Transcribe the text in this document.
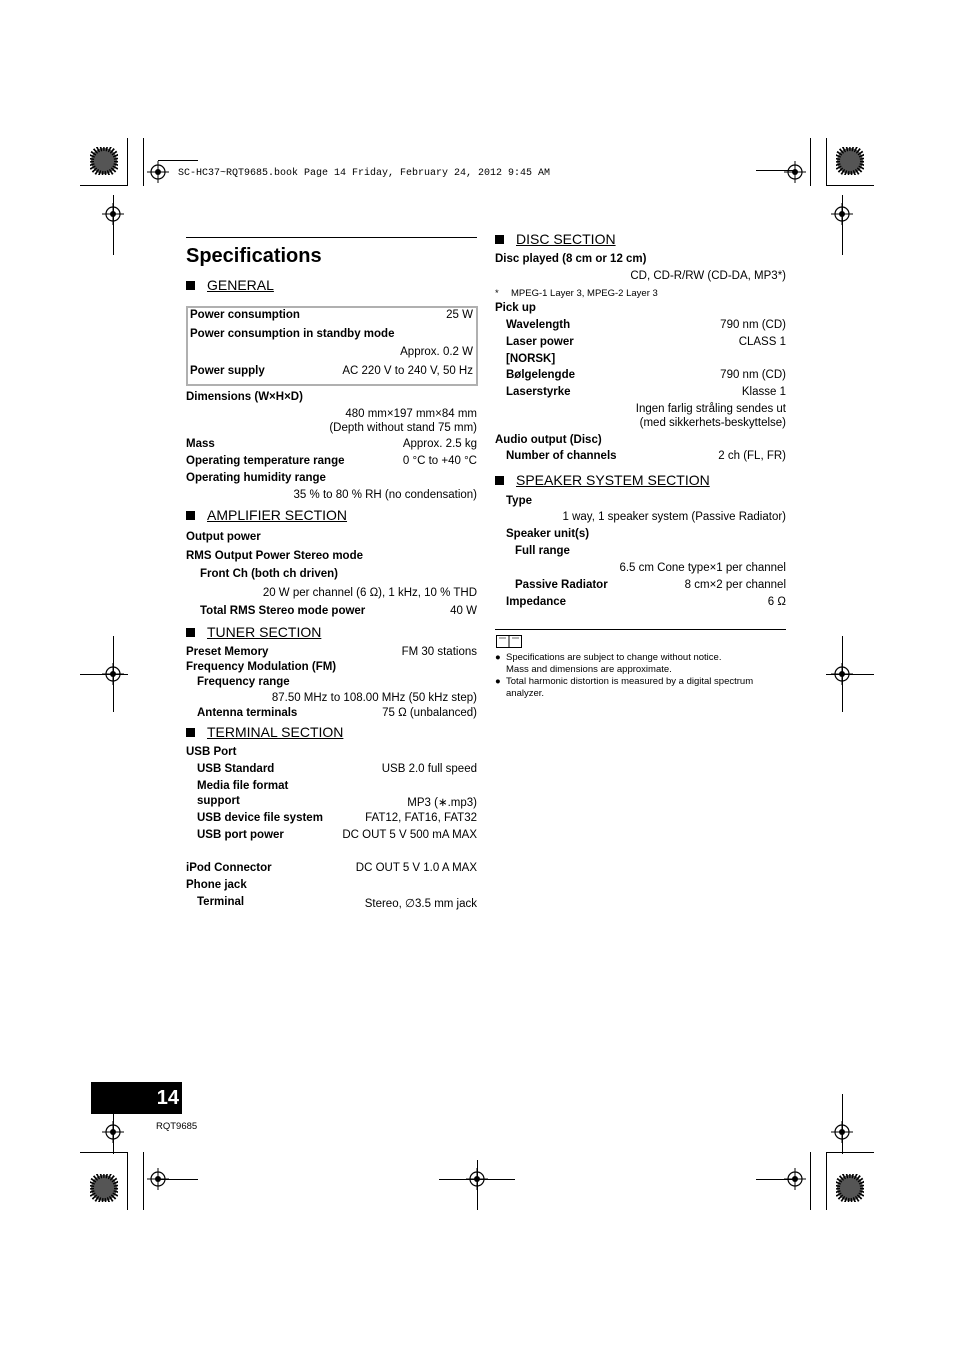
SC-HC37~RQT9685.book Page 14 Friday, February 24, 2012 9:45 AM
Specifications
GENERAL
Power consumption	25 W
Power consumption in standby mode
Approx. 0.2 W
Power supply	AC 220 V to 240 V, 50 Hz
Dimensions (W×H×D)
480 mm×197 mm×84 mm
(Depth without stand 75 mm)
Mass	Approx. 2.5 kg
Operating temperature range	0 °C to +40 °C
Operating humidity range
35 % to 80 % RH (no condensation)
AMPLIFIER SECTION
Output power
RMS Output Power Stereo mode
Front Ch (both ch driven)
20 W per channel (6 Ω), 1 kHz, 10 % THD
Total RMS Stereo mode power	40 W
TUNER SECTION
Preset Memory	FM 30 stations
Frequency Modulation (FM)
Frequency range
87.50 MHz to 108.00 MHz (50 kHz step)
Antenna terminals	75 Ω (unbalanced)
TERMINAL SECTION
USB Port
USB Standard	USB 2.0 full speed
Media file format
support	MP3 (∗.mp3)
USB device file system	FAT12, FAT16, FAT32
USB port power	DC OUT 5 V 500 mA MAX
iPod Connector	DC OUT 5 V 1.0 A MAX
Phone jack
Terminal	Stereo, ∅3.5 mm jack
DISC SECTION
Disc played (8 cm or 12 cm)
CD, CD-R/RW (CD-DA, MP3*)
* MPEG-1 Layer 3, MPEG-2 Layer 3
Pick up
Wavelength	790 nm (CD)
Laser power	CLASS 1
[NORSK]
Bølgelengde	790 nm (CD)
Laserstyrke	Klasse 1
Ingen farlig stråling sendes ut
(med sikkerhets-beskyttelse)
Audio output (Disc)
Number of channels	2 ch (FL, FR)
SPEAKER SYSTEM SECTION
Type
1 way, 1 speaker system (Passive Radiator)
Speaker unit(s)
Full range
6.5 cm Cone type×1 per channel
Passive Radiator	8 cm×2 per channel
Impedance	6 Ω
● Specifications are subject to change without notice.
Mass and dimensions are approximate.
● Total harmonic distortion is measured by a digital spectrum
analyzer.
14
RQT9685
